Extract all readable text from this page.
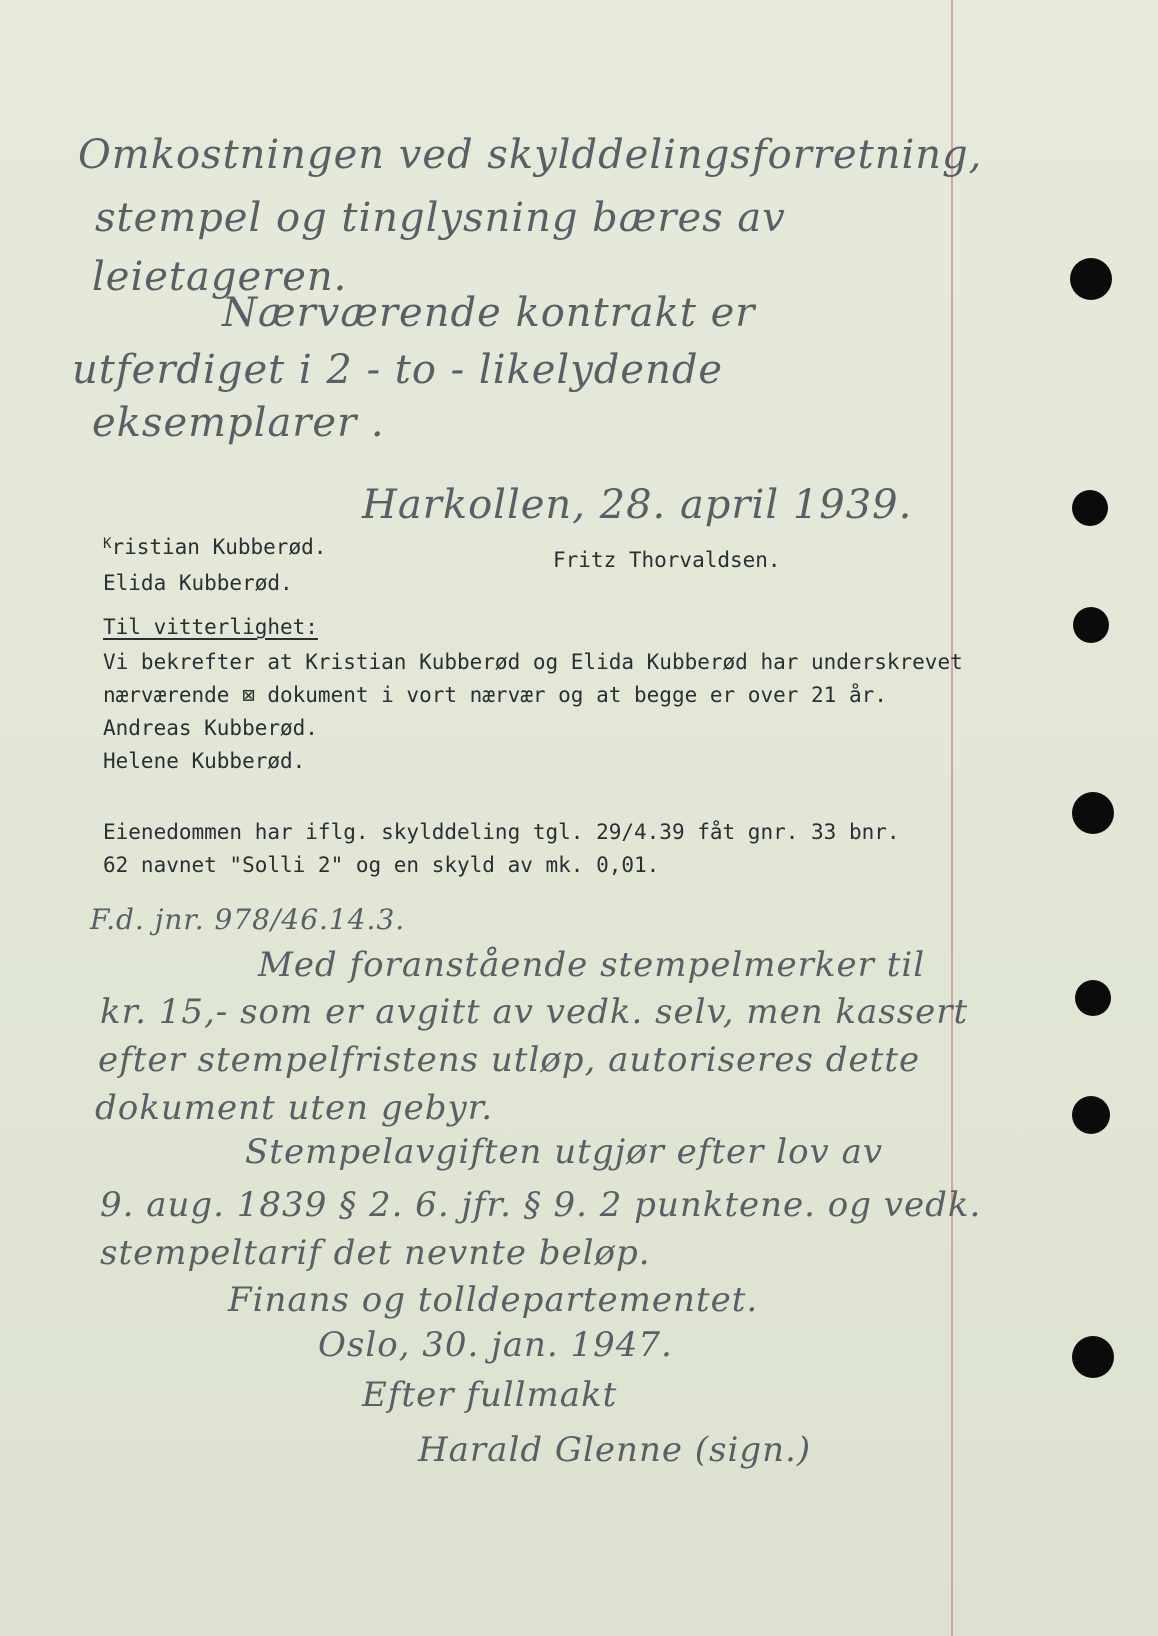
Omkostningen ved skylddelingsforretning,
stempel og tinglysning bæres av
leietageren.
Nærværende kontrakt er
utferdiget i 2 - to - likelydende
eksemplarer .
Harkollen, 28. april 1939.
$^K$ristian Kubberød.
Elida Kubberød.
Fritz Thorvaldsen.
Til vitterlighet:
Vi bekrefter at Kristian Kubberød og Elida Kubberød har underskrevet
nærværende ⊠ dokument i vort nærvær og at begge er over 21 år.
Andreas Kubberød.
Helene Kubberød.
Eienedommen har iflg. skylddeling tgl. 29/4.39 fåt gnr. 33 bnr.
62 navnet "Solli 2" og en skyld av mk. 0,01.
F.d. jnr. 978/46.14.3.
Med foranstående stempelmerker til
kr. 15,- som er avgitt av vedk. selv, men kassert
efter stempelfristens utløp, autoriseres dette
dokument uten gebyr.
Stempelavgiften utgjør efter lov av
9. aug. 1839 § 2. 6. jfr. § 9. 2 punktene. og vedk.
stempeltarif det nevnte beløp.
Finans og tolldepartementet.
Oslo, 30. jan. 1947.
Efter fullmakt
Harald Glenne (sign.)
